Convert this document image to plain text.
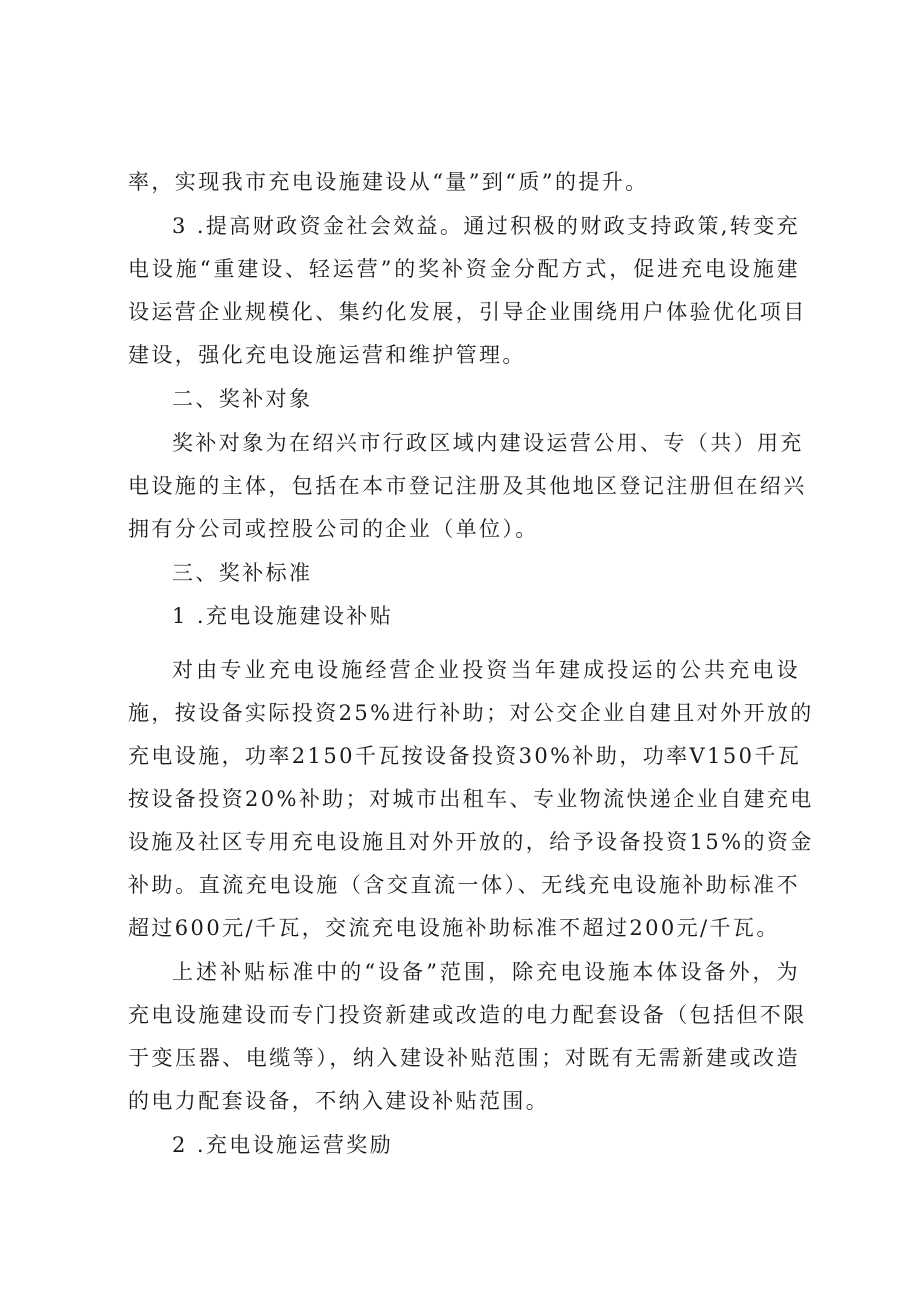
率，实现我市充电设施建设从“量”到“质”的提升。
3 .提高财政资金社会效益。通过积极的财政支持政策,转变充
电设施“重建设、轻运营”的奖补资金分配方式，促进充电设施建
设运营企业规模化、集约化发展，引导企业围绕用户体验优化项目
建设，强化充电设施运营和维护管理。
二、奖补对象
奖补对象为在绍兴市行政区域内建设运营公用、专（共）用充
电设施的主体，包括在本市登记注册及其他地区登记注册但在绍兴
拥有分公司或控股公司的企业（单位）。
三、奖补标准
1 .充电设施建设补贴
对由专业充电设施经营企业投资当年建成投运的公共充电设
施，按设备实际投资25%进行补助；对公交企业自建且对外开放的
充电设施，功率2150千瓦按设备投资30%补助，功率V150千瓦
按设备投资20%补助；对城市出租车、专业物流快递企业自建充电
设施及社区专用充电设施且对外开放的，给予设备投资15%的资金
补助。直流充电设施（含交直流一体）、无线充电设施补助标准不
超过600元/千瓦，交流充电设施补助标准不超过200元/千瓦。
上述补贴标准中的“设备”范围，除充电设施本体设备外，为
充电设施建设而专门投资新建或改造的电力配套设备（包括但不限
于变压器、电缆等），纳入建设补贴范围；对既有无需新建或改造
的电力配套设备，不纳入建设补贴范围。
2 .充电设施运营奖励
